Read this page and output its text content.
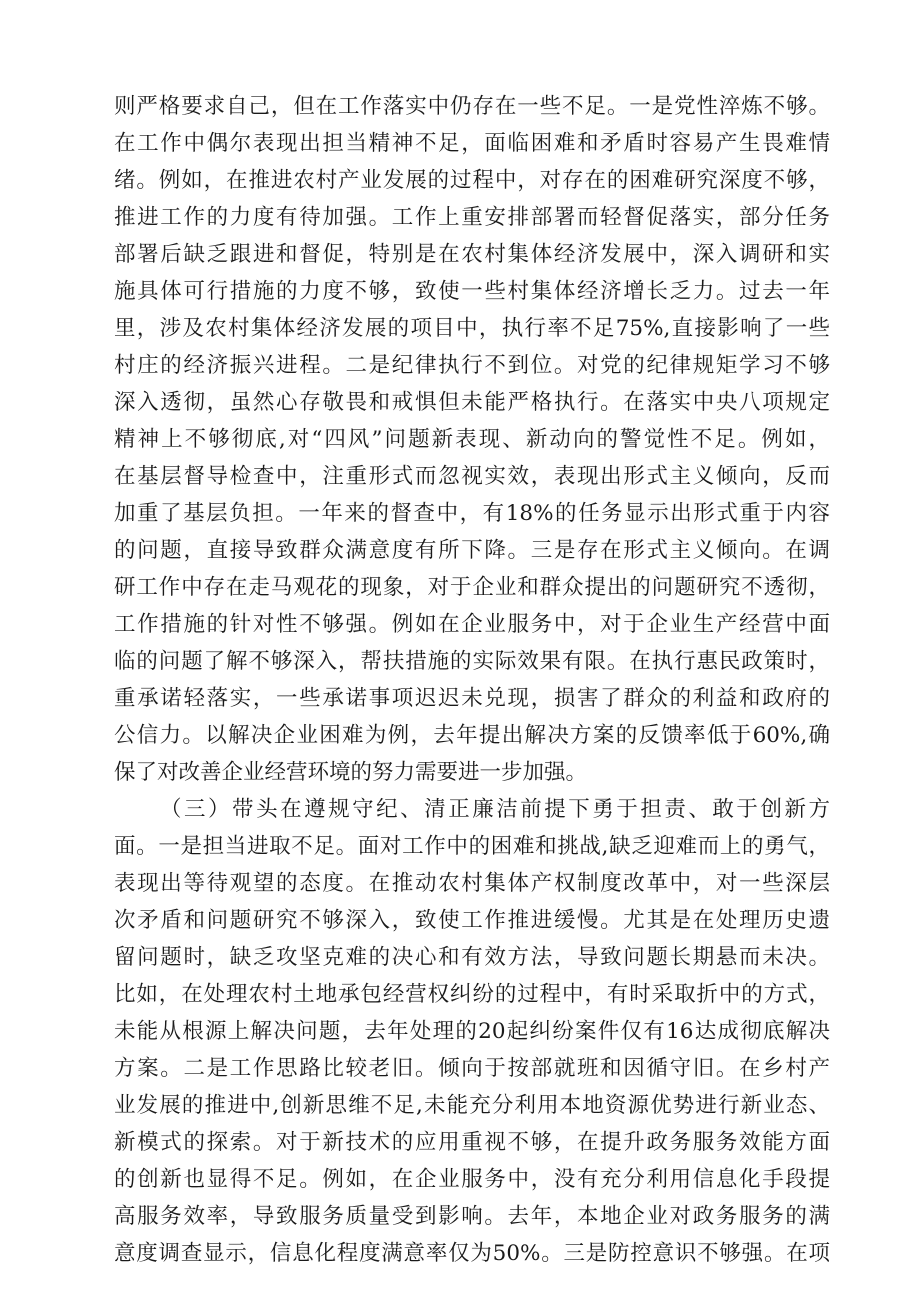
则严格要求自己，但在工作落实中仍存在一些不足。一是党性淬炼不够。
在工作中偶尔表现出担当精神不足，面临困难和矛盾时容易产生畏难情
绪。例如，在推进农村产业发展的过程中，对存在的困难研究深度不够，
推进工作的力度有待加强。工作上重安排部署而轻督促落实，部分任务
部署后缺乏跟进和督促，特别是在农村集体经济发展中，深入调研和实
施具体可行措施的力度不够，致使一些村集体经济增长乏力。过去一年
里，涉及农村集体经济发展的项目中，执行率不足75%,直接影响了一些
村庄的经济振兴进程。二是纪律执行不到位。对党的纪律规矩学习不够
深入透彻，虽然心存敬畏和戒惧但未能严格执行。在落实中央八项规定
精神上不够彻底,对“四风”问题新表现、新动向的警觉性不足。例如，
在基层督导检查中，注重形式而忽视实效，表现出形式主义倾向，反而
加重了基层负担。一年来的督查中，有18%的任务显示出形式重于内容
的问题，直接导致群众满意度有所下降。三是存在形式主义倾向。在调
研工作中存在走马观花的现象，对于企业和群众提出的问题研究不透彻，
工作措施的针对性不够强。例如在企业服务中，对于企业生产经营中面
临的问题了解不够深入，帮扶措施的实际效果有限。在执行惠民政策时，
重承诺轻落实，一些承诺事项迟迟未兑现，损害了群众的利益和政府的
公信力。以解决企业困难为例，去年提出解决方案的反馈率低于60%,确
保了对改善企业经营环境的努力需要进一步加强。
（三）带头在遵规守纪、清正廉洁前提下勇于担责、敢于创新方
面。一是担当进取不足。面对工作中的困难和挑战,缺乏迎难而上的勇气，
表现出等待观望的态度。在推动农村集体产权制度改革中，对一些深层
次矛盾和问题研究不够深入，致使工作推进缓慢。尤其是在处理历史遗
留问题时，缺乏攻坚克难的决心和有效方法，导致问题长期悬而未决。
比如，在处理农村土地承包经营权纠纷的过程中，有时采取折中的方式，
未能从根源上解决问题，去年处理的20起纠纷案件仅有16达成彻底解决
方案。二是工作思路比较老旧。倾向于按部就班和因循守旧。在乡村产
业发展的推进中,创新思维不足,未能充分利用本地资源优势进行新业态、
新模式的探索。对于新技术的应用重视不够，在提升政务服务效能方面
的创新也显得不足。例如，在企业服务中，没有充分利用信息化手段提
高服务效率，导致服务质量受到影响。去年，本地企业对政务服务的满
意度调查显示，信息化程度满意率仅为50%。三是防控意识不够强。在项
